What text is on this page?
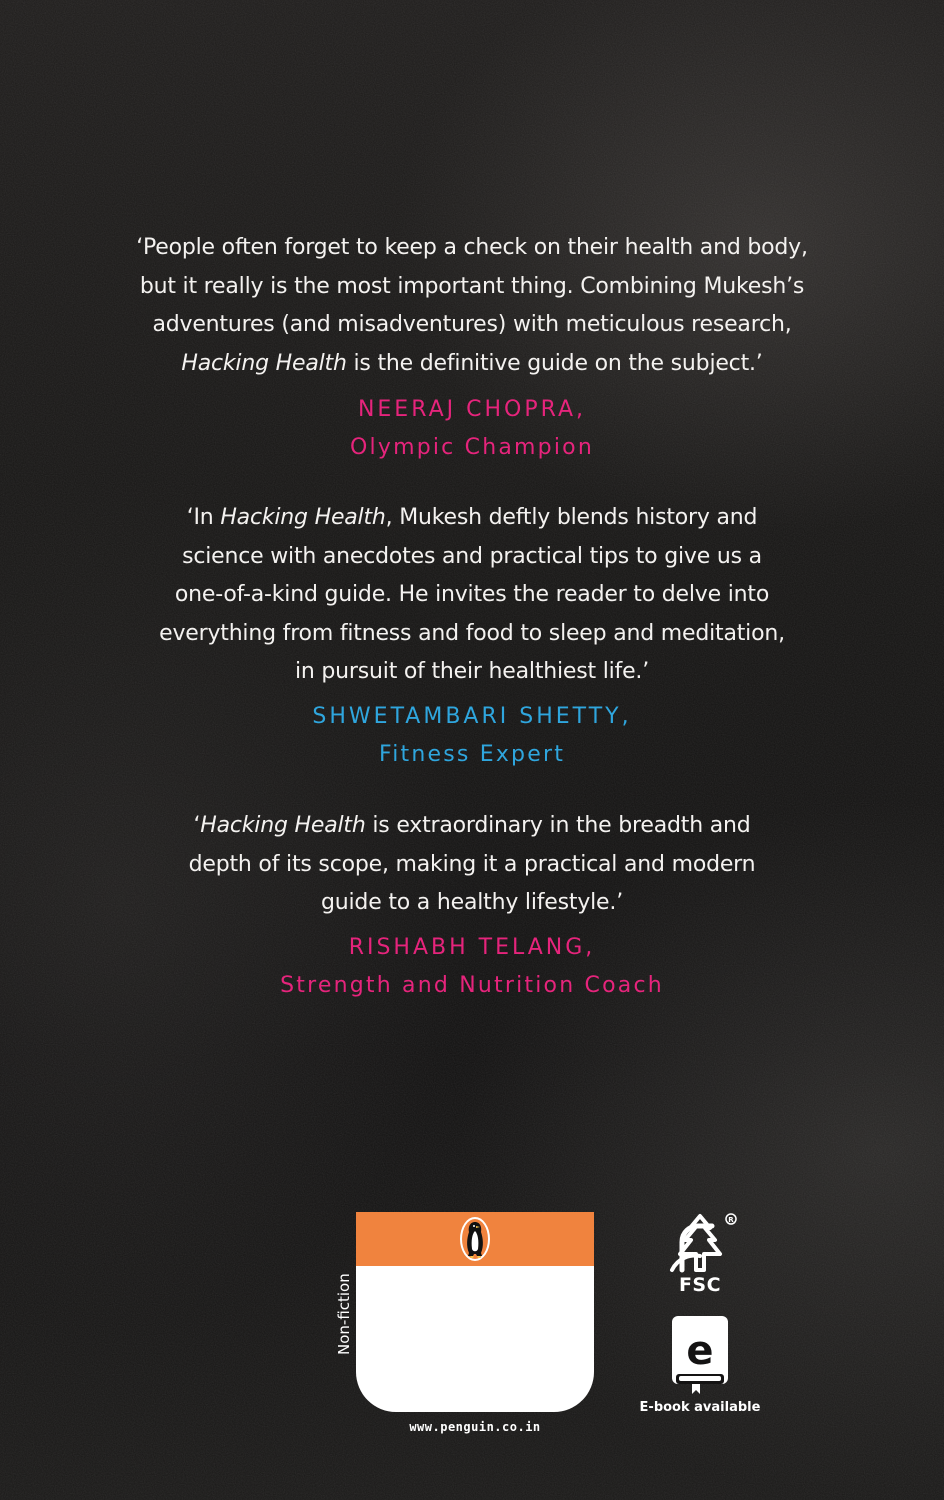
‘People often forget to keep a check on their health and body,
but it really is the most important thing. Combining Mukesh’s
adventures (and misadventures) with meticulous research,
Hacking Health is the definitive guide on the subject.’

NEERAJ CHOPRA,
Olympic Champion

‘In Hacking Health, Mukesh deftly blends history and
science with anecdotes and practical tips to give us a
one-of-a-kind guide. He invites the reader to delve into
everything from fitness and food to sleep and meditation,
in pursuit of their healthiest life.’

SHWETAMBARI SHETTY,
Fitness Expert

‘Hacking Health is extraordinary in the breadth and
depth of its scope, making it a practical and modern
guide to a healthy lifestyle.’

RISHABH TELANG,
Strength and Nutrition Coach

Non-fiction
www.penguin.co.in
R
FSC
e
E-book available
